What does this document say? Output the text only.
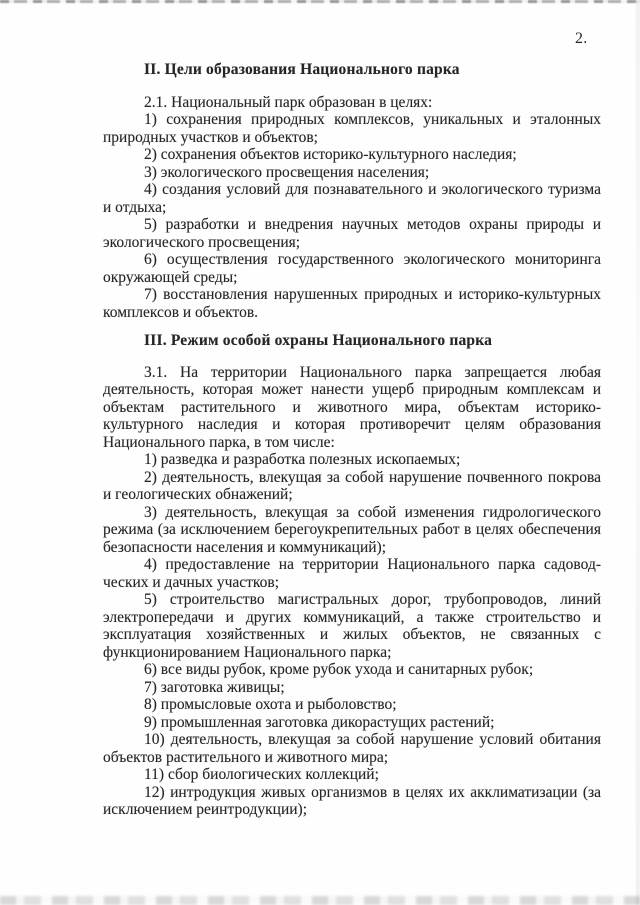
2.
II. Цели образования Национального парка

2.1. Национальный парк образован в целях:

1) сохранения природных комплексов, уникальных и эталонных природных участков и объектов;

2) сохранения объектов историко-культурного наследия;

3) экологического просвещения населения;

4) создания условий для познавательного и экологического туризма и отдыха;

5) разработки и внедрения научных методов охраны природы и экологического просвещения;

6) осуществления государственного экологического мониторинга окружающей среды;

7) восстановления нарушенных природных и историко-культурных комплексов и объектов.

III. Режим особой охраны Национального парка

3.1. На территории Национального парка запрещается любая деятельность, которая может нанести ущерб природным комплексам и объектам растительного и животного мира, объектам историко-культурного наследия и которая противоречит целям образования Национального парка, в том числе:

1) разведка и разработка полезных ископаемых;

2) деятельность, влекущая за собой нарушение почвенного покрова и геологических обнажений;

3) деятельность, влекущая за собой изменения гидрологического режима (за исключением берегоукрепительных работ в целях обеспечения безопасности населения и коммуникаций);

4) предоставление на территории Национального парка садовод-ческих и дачных участков;

5) строительство магистральных дорог, трубопроводов, линий электропередачи и других коммуникаций, а также строительство и эксплуатация хозяйственных и жилых объектов, не связанных с функционированием Национального парка;

6) все виды рубок, кроме рубок ухода и санитарных рубок;

7) заготовка живицы;

8) промысловые охота и рыболовство;

9) промышленная заготовка дикорастущих растений;

10) деятельность, влекущая за собой нарушение условий обитания объектов растительного и животного мира;

11) сбор биологических коллекций;

12) интродукция живых организмов в целях их акклиматизации (за исключением реинтродукции);
